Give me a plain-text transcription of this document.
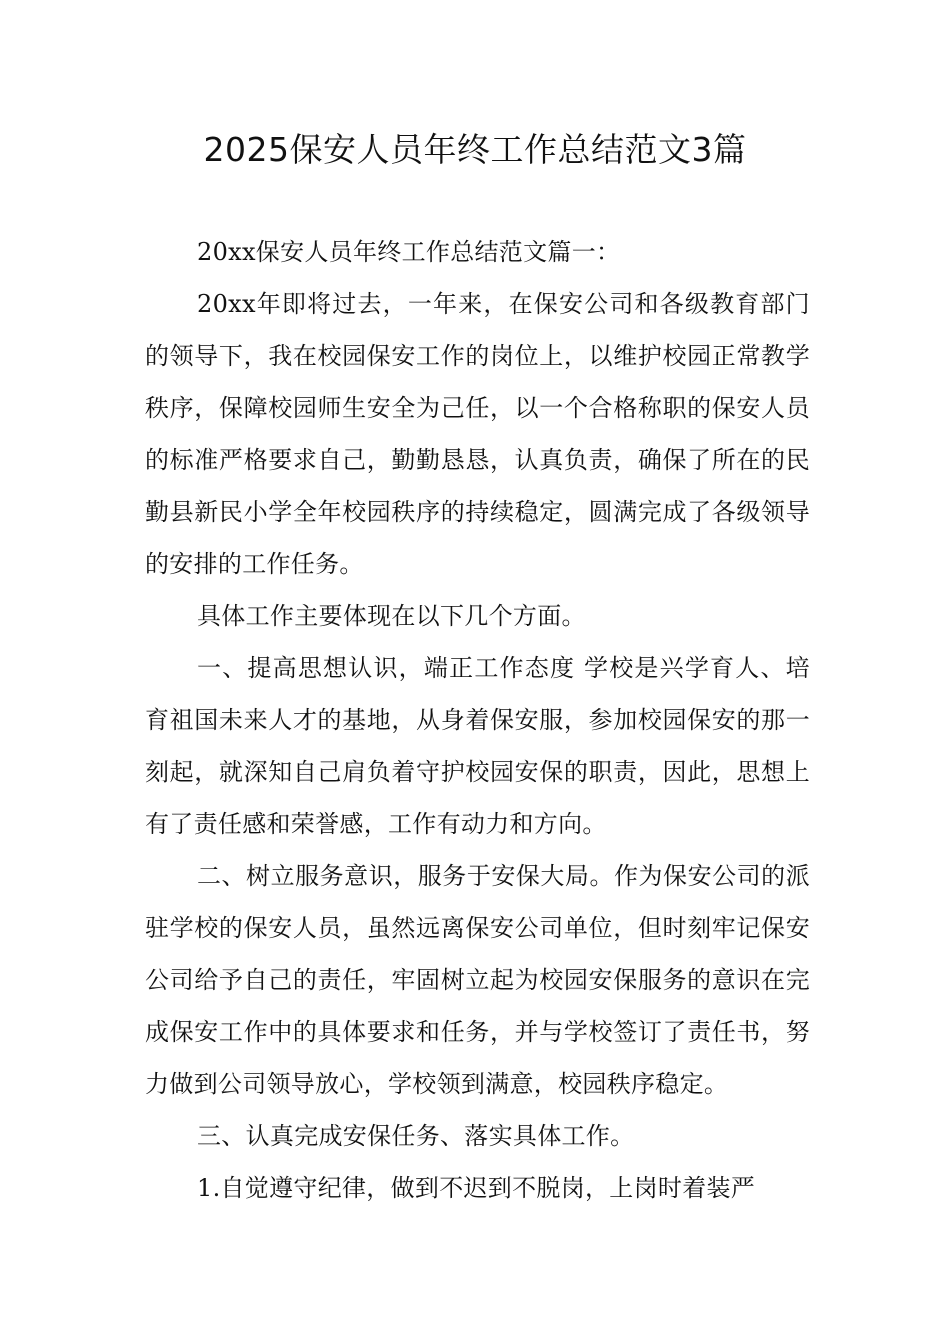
2025保安人员年终工作总结范文3篇

20xx保安人员年终工作总结范文篇一：

20xx年即将过去，一年来，在保安公司和各级教育部门的领导下，我在校园保安工作的岗位上，以维护校园正常教学秩序，保障校园师生安全为己任，以一个合格称职的保安人员的标准严格要求自己，勤勤恳恳，认真负责，确保了所在的民勤县新民小学全年校园秩序的持续稳定，圆满完成了各级领导的安排的工作任务。

具体工作主要体现在以下几个方面。

一、提高思想认识，端正工作态度 学校是兴学育人、培育祖国未来人才的基地，从身着保安服，参加校园保安的那一刻起，就深知自己肩负着守护校园安保的职责，因此，思想上有了责任感和荣誉感，工作有动力和方向。

二、树立服务意识，服务于安保大局。作为保安公司的派驻学校的保安人员，虽然远离保安公司单位，但时刻牢记保安公司给予自己的责任，牢固树立起为校园安保服务的意识在完成保安工作中的具体要求和任务，并与学校签订了责任书，努力做到公司领导放心，学校领到满意，校园秩序稳定。

三、认真完成安保任务、落实具体工作。

1.自觉遵守纪律，做到不迟到不脱岗，上岗时着装严
